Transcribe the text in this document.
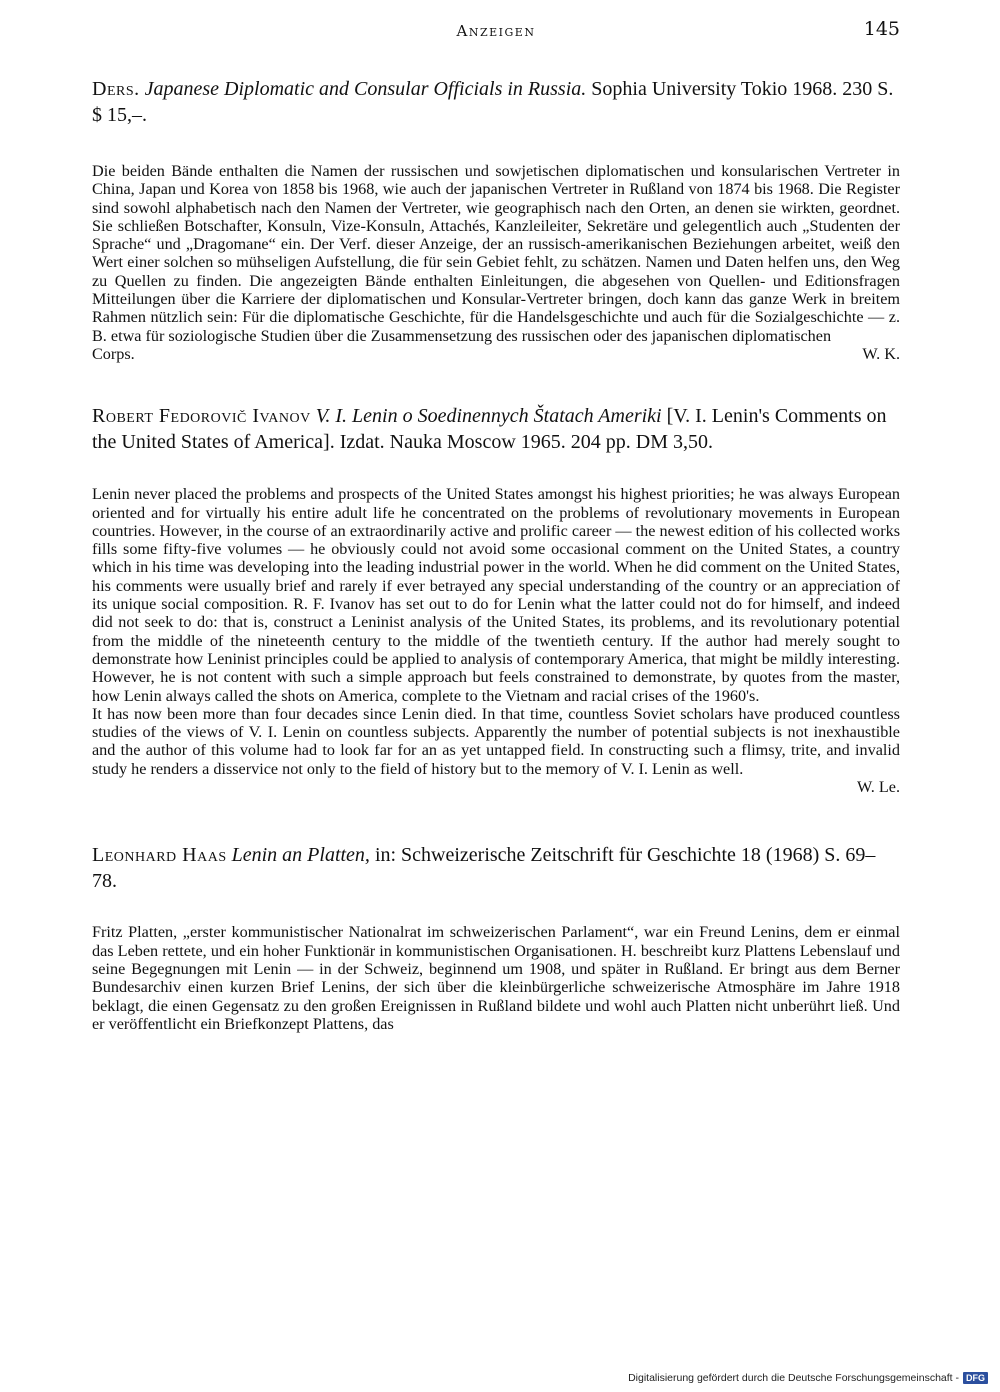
Anzeigen	145

Ders. Japanese Diplomatic and Consular Officials in Russia. Sophia University Tokio 1968. 230 S. $ 15,–.

Die beiden Bände enthalten die Namen der russischen und sowjetischen diplomatischen und konsularischen Vertreter in China, Japan und Korea von 1858 bis 1968, wie auch der japanischen Vertreter in Rußland von 1874 bis 1968. Die Register sind sowohl alphabetisch nach den Namen der Vertreter, wie geographisch nach den Orten, an denen sie wirkten, geordnet. Sie schließen Botschafter, Konsuln, Vize-Konsuln, Attachés, Kanzleileiter, Sekretäre und gelegentlich auch „Studenten der Sprache“ und „Dragomane“ ein. Der Verf. dieser Anzeige, der an russisch-amerikanischen Beziehungen arbeitet, weiß den Wert einer solchen so mühseligen Aufstellung, die für sein Gebiet fehlt, zu schätzen. Namen und Daten helfen uns, den Weg zu Quellen zu finden. Die angezeigten Bände enthalten Einleitungen, die abgesehen von Quellen- und Editionsfragen Mitteilungen über die Karriere der diplomatischen und Konsular-Vertreter bringen, doch kann das ganze Werk in breitem Rahmen nützlich sein: Für die diplomatische Geschichte, für die Handelsgeschichte und auch für die Sozialgeschichte — z. B. etwa für soziologische Studien über die Zusammensetzung des russischen oder des japanischen diplomatischen

Corps.	W. K.

Robert Fedorovič Ivanov V. I. Lenin o Soedinennych Štatach Ameriki [V. I. Lenin's Comments on the United States of America]. Izdat. Nauka Moscow 1965. 204 pp. DM 3,50.

Lenin never placed the problems and prospects of the United States amongst his highest priorities; he was always European oriented and for virtually his entire adult life he concentrated on the problems of revolutionary movements in European countries. However, in the course of an extraordinarily active and prolific career — the newest edition of his collected works fills some fifty-five volumes — he obviously could not avoid some occasional comment on the United States, a country which in his time was developing into the leading industrial power in the world. When he did comment on the United States, his comments were usually brief and rarely if ever betrayed any special understanding of the country or an appreciation of its unique social composition. R. F. Ivanov has set out to do for Lenin what the latter could not do for himself, and indeed did not seek to do: that is, construct a Leninist analysis of the United States, its problems, and its revolutionary potential from the middle of the nineteenth century to the middle of the twentieth century. If the author had merely sought to demonstrate how Leninist principles could be applied to analysis of contemporary America, that might be mildly interesting. However, he is not content with such a simple approach but feels constrained to demonstrate, by quotes from the master, how Lenin always called the shots on America, complete to the Vietnam and racial crises of the 1960's.

It has now been more than four decades since Lenin died. In that time, countless Soviet scholars have produced countless studies of the views of V. I. Lenin on countless subjects. Apparently the number of potential subjects is not inexhaustible and the author of this volume had to look far for an as yet untapped field. In constructing such a flimsy, trite, and invalid study he renders a disservice not only to the field of history but to the memory of V. I. Lenin as well.

W. Le.

Leonhard Haas Lenin an Platten, in: Schweizerische Zeitschrift für Geschichte 18 (1968) S. 69–78.

Fritz Platten, „erster kommunistischer Nationalrat im schweizerischen Parlament“, war ein Freund Lenins, dem er einmal das Leben rettete, und ein hoher Funktionär in kommunistischen Organisationen. H. beschreibt kurz Plattens Lebenslauf und seine Begegnungen mit Lenin — in der Schweiz, beginnend um 1908, und später in Rußland. Er bringt aus dem Berner Bundesarchiv einen kurzen Brief Lenins, der sich über die kleinbürgerliche schweizerische Atmosphäre im Jahre 1918 beklagt, die einen Gegensatz zu den großen Ereignissen in Rußland bildete und wohl auch Platten nicht unberührt ließ. Und er veröffentlicht ein Briefkonzept Plattens, das

Digitalisierung gefördert durch die Deutsche Forschungsgemeinschaft - DFG
